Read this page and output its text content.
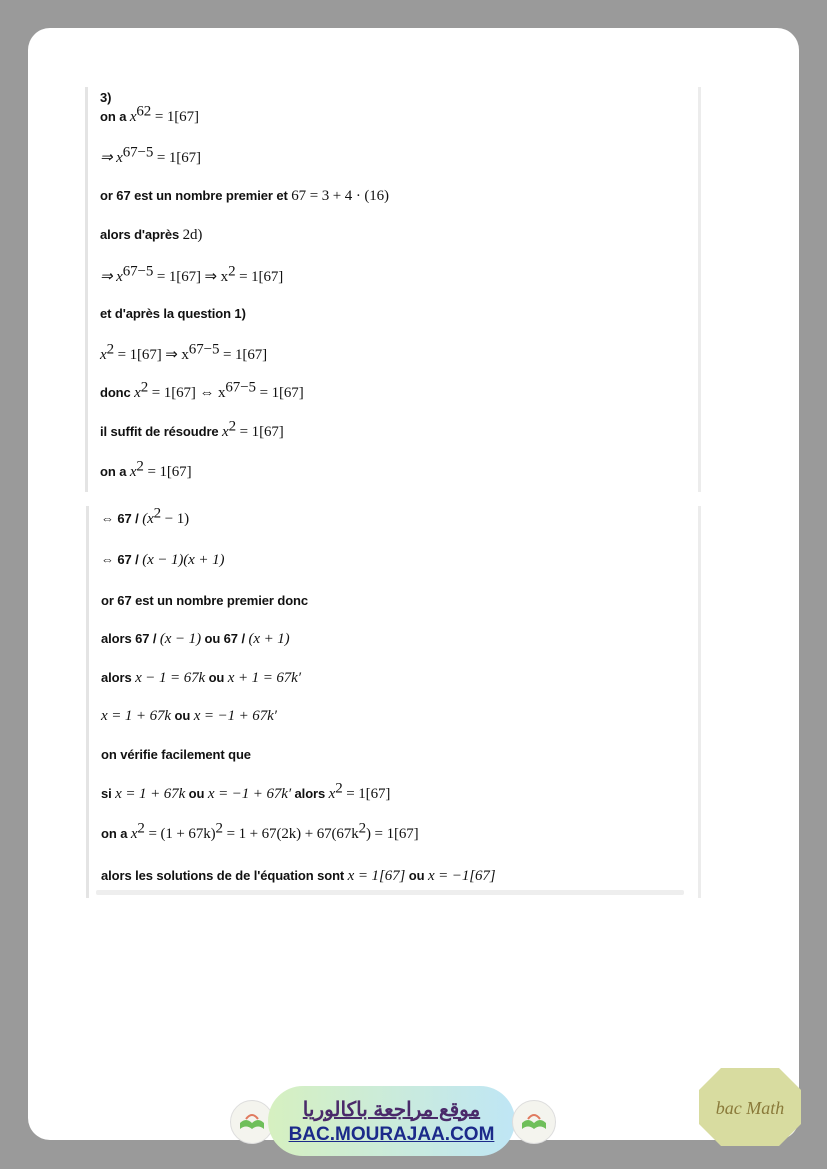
3)
on a $x^{62} = 1[67]$
⇒ $x^{67-5} = 1[67]$
or 67 est un nombre premier et 67 = 3 + 4 · (16)
alors d'après 2d)
⇒ $x^{67-5} = 1[67]$ ⇒ $x^2 = 1[67]$
et d'après la question 1)
$x^2 = 1[67]$ ⇒ $x^{67-5} = 1[67]$
donc $x^2 = 1[67]$ ⇔ $x^{67-5} = 1[67]$
il suffit de résoudre $x^2 = 1[67]$
on a $x^2 = 1[67]$
⇔ $67 / (x^2 - 1)$
⇔ 67 / (x − 1)(x + 1)
or 67 est un nombre premier donc
alors 67 / (x − 1) ou 67 / (x + 1)
alors x − 1 = 67k ou x + 1 = 67k′
x = 1 + 67k ou x = −1 + 67k′
on vérifie facilement que
si x = 1 + 67k ou x = −1 + 67k′ alors $x^2 = 1[67]$
on a $x^2 = (1 + 67k)^2 = 1 + 67(2k) + 67(67k^2) = 1[67]$
alors les solutions de de l'équation sont x = 1[67] ou x = −1[67]
موقع مراجعة باكالوريا
BAC.MOURAJAA.COM
bac Math
